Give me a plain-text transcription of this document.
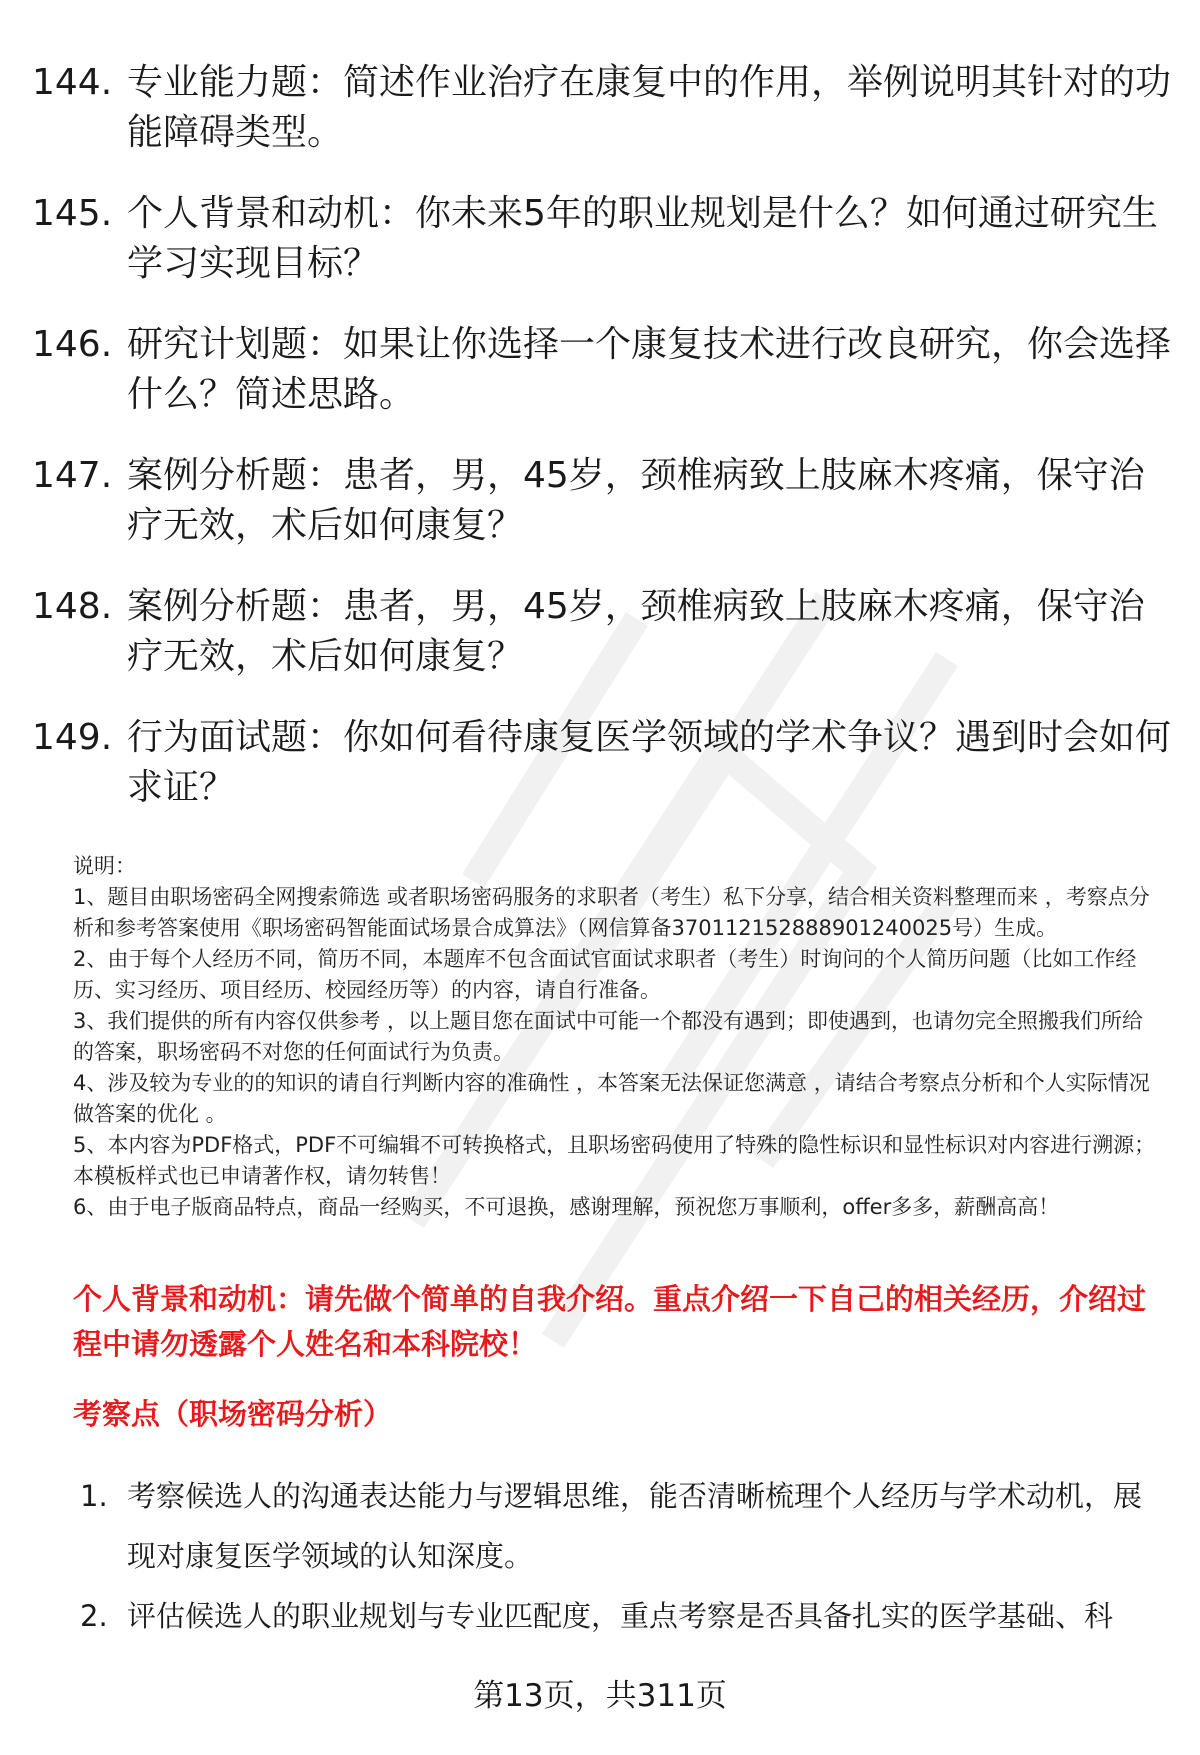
144. 专业能力题：简述作业治疗在康复中的作用，举例说明其针对的功能障碍类型。
145. 个人背景和动机：你未来5年的职业规划是什么？如何通过研究生学习实现目标？
146. 研究计划题：如果让你选择一个康复技术进行改良研究，你会选择什么？简述思路。
147. 案例分析题：患者，男，45岁，颈椎病致上肢麻木疼痛，保守治疗无效，术后如何康复？
148. 案例分析题：患者，男，45岁，颈椎病致上肢麻木疼痛，保守治疗无效，术后如何康复？
149. 行为面试题：你如何看待康复医学领域的学术争议？遇到时会如何求证？

说明：

1、题目由职场密码全网搜索筛选 或者职场密码服务的求职者（考生）私下分享，结合相关资料整理而来 ，考察点分析和参考答案使用《职场密码智能面试场景合成算法》（网信算备370112152888901240025号）生成。

2、由于每个人经历不同，简历不同，本题库不包含面试官面试求职者（考生）时询问的个人简历问题（比如工作经历、实习经历、项目经历、校园经历等）的内容，请自行准备。

3、我们提供的所有内容仅供参考 ，以上题目您在面试中可能一个都没有遇到；即使遇到，也请勿完全照搬我们所给的答案，职场密码不对您的任何面试行为负责。

4、涉及较为专业的的知识的请自行判断内容的准确性 ，本答案无法保证您满意 ，请结合考察点分析和个人实际情况做答案的优化 。

5、本内容为PDF格式，PDF不可编辑不可转换格式，且职场密码使用了特殊的隐性标识和显性标识对内容进行溯源；本模板样式也已申请著作权，请勿转售！

6、由于电子版商品特点，商品一经购买，不可退换，感谢理解，预祝您万事顺利，offer多多，薪酬高高！

个人背景和动机：请先做个简单的自我介绍。重点介绍一下自己的相关经历，介绍过程中请勿透露个人姓名和本科院校！
考察点（职场密码分析）
1. 考察候选人的沟通表达能力与逻辑思维，能否清晰梳理个人经历与学术动机，展现对康复医学领域的认知深度。
2. 评估候选人的职业规划与专业匹配度，重点考察是否具备扎实的医学基础、科
第13页，共311页
